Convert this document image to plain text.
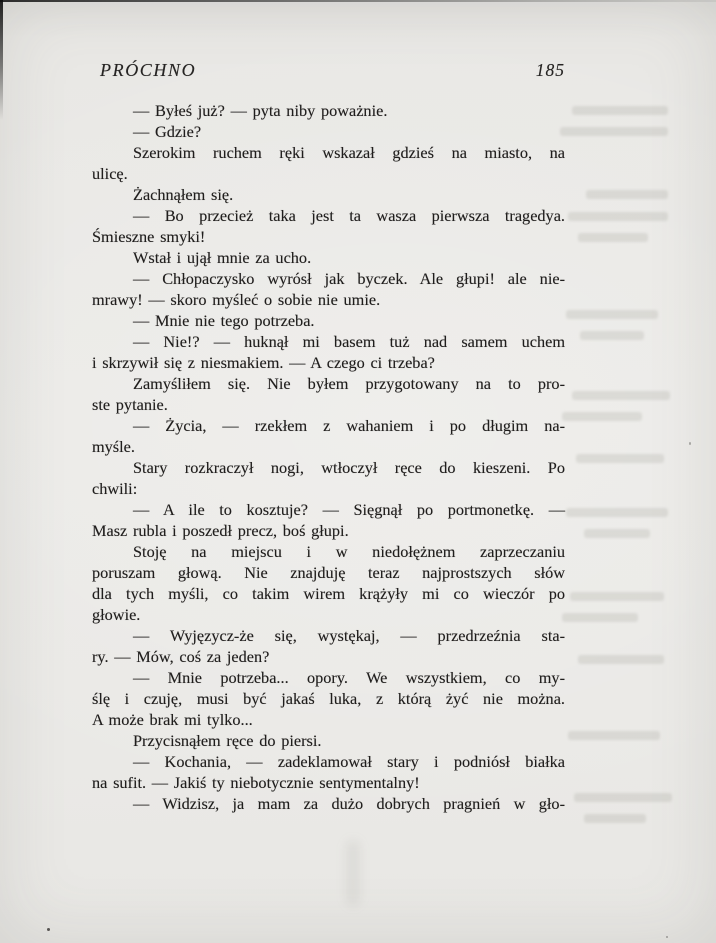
PRÓCHNO	185
— Byłeś już? — pyta niby poważnie.
— Gdzie?
Szerokim ruchem ręki wskazał gdzieś na miasto, na
ulicę.
Żachnąłem się.
— Bo przecież taka jest ta wasza pierwsza tragedya.
Śmieszne smyki!
Wstał i ujął mnie za ucho.
— Chłopaczysko wyrósł jak byczek. Ale głupi! ale nie-
mrawy! — skoro myśleć o sobie nie umie.
— Mnie nie tego potrzeba.
— Nie!? — huknął mi basem tuż nad samem uchem
i skrzywił się z niesmakiem. — A czego ci trzeba?
Zamyśliłem się. Nie byłem przygotowany na to pro-
ste pytanie.
— Życia, — rzekłem z wahaniem i po długim na-
myśle.
Stary rozkraczył nogi, wtłoczył ręce do kieszeni. Po
chwili:
— A ile to kosztuje? — Sięgnął po portmonetkę. —
Masz rubla i poszedł precz, boś głupi.
Stoję na miejscu i w niedołężnem zaprzeczaniu
poruszam głową. Nie znajduję teraz najprostszych słów
dla tych myśli, co takim wirem krążyły mi co wieczór po
głowie.
— Wyjęzycz-że się, wystękaj, — przedrzeźnia sta-
ry. — Mów, coś za jeden?
— Mnie potrzeba... opory. We wszystkiem, co my-
ślę i czuję, musi być jakaś luka, z którą żyć nie można.
A może brak mi tylko...
Przycisnąłem ręce do piersi.
— Kochania, — zadeklamował stary i podniósł białka
na sufit. — Jakiś ty niebotycznie sentymentalny!
— Widzisz, ja mam za dużo dobrych pragnień w gło-
